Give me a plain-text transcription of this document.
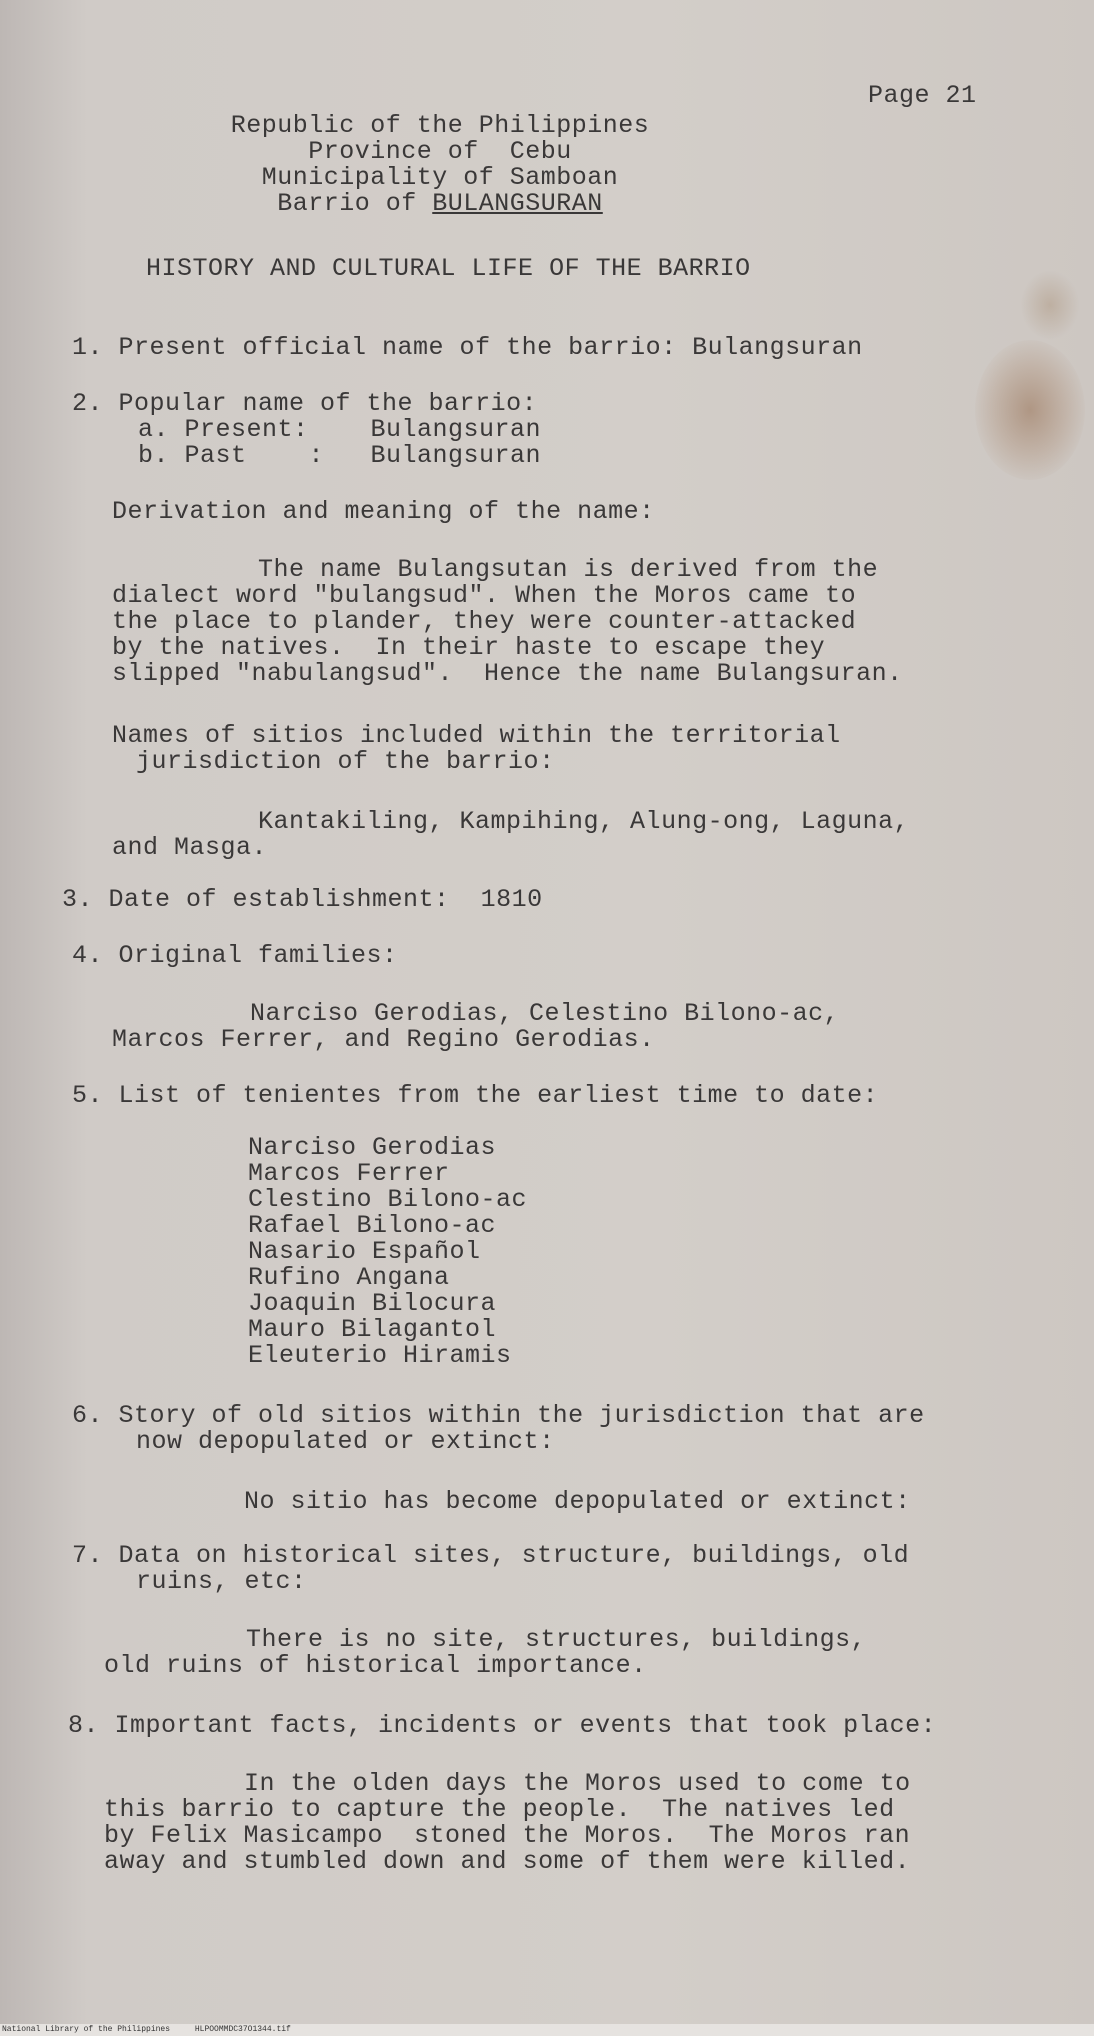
Page 21
Republic of the Philippines
Province of  Cebu
Municipality of Samboan
Barrio of BULANGSURAN
HISTORY AND CULTURAL LIFE OF THE BARRIO
1. Present official name of the barrio: Bulangsuran
2. Popular name of the barrio:
a. Present:    Bulangsuran
b. Past    :   Bulangsuran
Derivation and meaning of the name:
The name Bulangsutan is derived from the
dialect word "bulangsud". When the Moros came to
the place to plander, they were counter-attacked
by the natives.  In their haste to escape they
slipped "nabulangsud".  Hence the name Bulangsuran.
Names of sitios included within the territorial
jurisdiction of the barrio:
Kantakiling, Kampihing, Alung-ong, Laguna,
and Masga.
3. Date of establishment:  1810
4. Original families:
Narciso Gerodias, Celestino Bilono-ac,
Marcos Ferrer, and Regino Gerodias.
5. List of tenientes from the earliest time to date:
Narciso Gerodias
Marcos Ferrer
Clestino Bilono-ac
Rafael Bilono-ac
Nasario Español
Rufino Angana
Joaquin Bilocura
Mauro Bilagantol
Eleuterio Hiramis
6. Story of old sitios within the jurisdiction that are
now depopulated or extinct:
No sitio has become depopulated or extinct:
7. Data on historical sites, structure, buildings, old
ruins, etc:
There is no site, structures, buildings,
old ruins of historical importance.
8. Important facts, incidents or events that took place:
In the olden days the Moros used to come to
this barrio to capture the people.  The natives led
by Felix Masicampo  stoned the Moros.  The Moros ran
away and stumbled down and some of them were killed.
National Library of the Philippines	HLPOOMMDC37O1344.tif
